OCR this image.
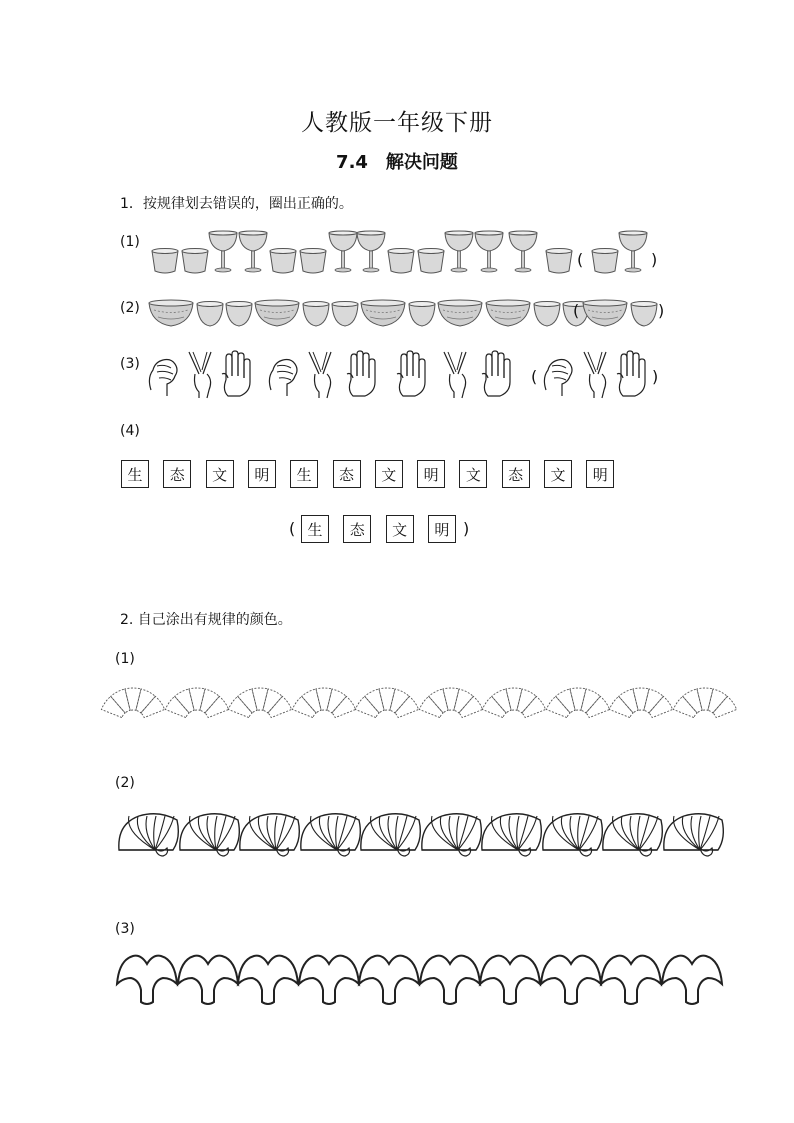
人教版一年级下册
7.4　解决问题
1．按规律划去错误的，圈出正确的。
(1)
(	)
(2)	(	)
(3)
(	)
(4)
生	态	文	明	生	态	文	明	文	态	文	明
( 生	态	文	明 )
2. 自己涂出有规律的颜色。
(1)
(2)
(3)
